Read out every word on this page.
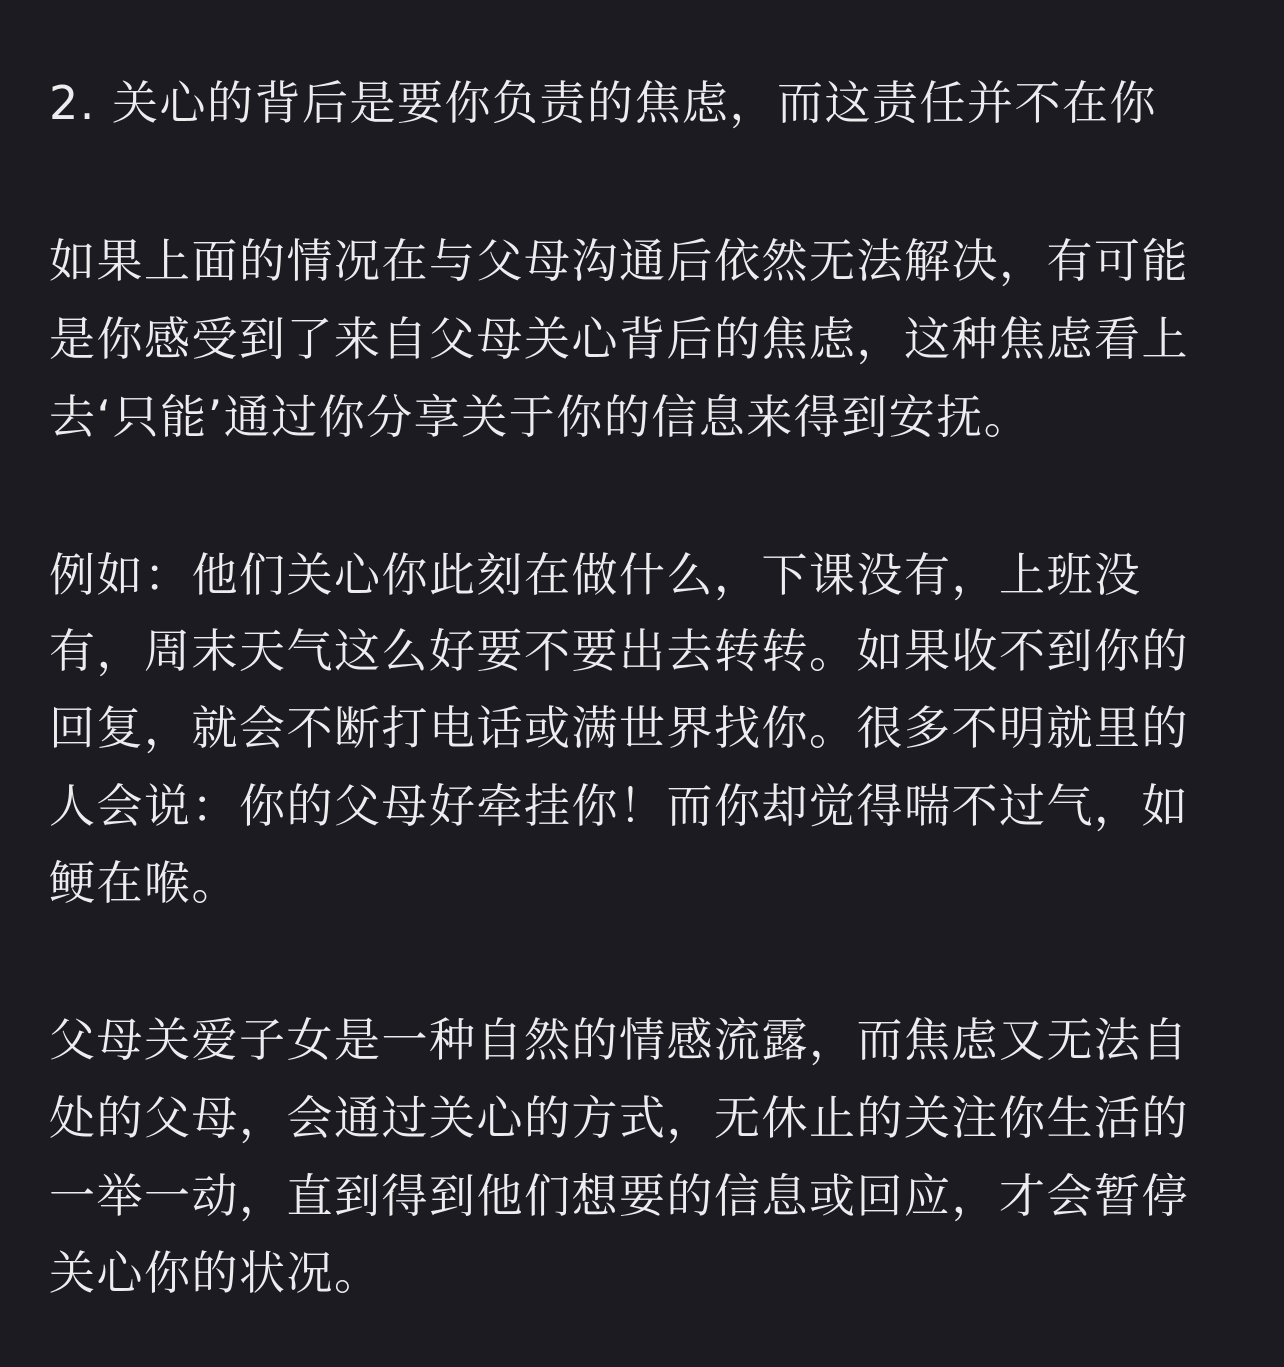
2. 关心的背后是要你负责的焦虑，而这责任并不在你

如果上面的情况在与父母沟通后依然无法解决，有可能

是你感受到了来自父母关心背后的焦虑，这种焦虑看上

去‘只能’通过你分享关于你的信息来得到安抚。

例如：他们关心你此刻在做什么，下课没有，上班没

有，周末天气这么好要不要出去转转。如果收不到你的

回复，就会不断打电话或满世界找你。很多不明就里的

人会说：你的父母好牵挂你！而你却觉得喘不过气，如

鲠在喉。

父母关爱子女是一种自然的情感流露，而焦虑又无法自

处的父母，会通过关心的方式，无休止的关注你生活的

一举一动，直到得到他们想要的信息或回应，才会暂停

关心你的状况。
